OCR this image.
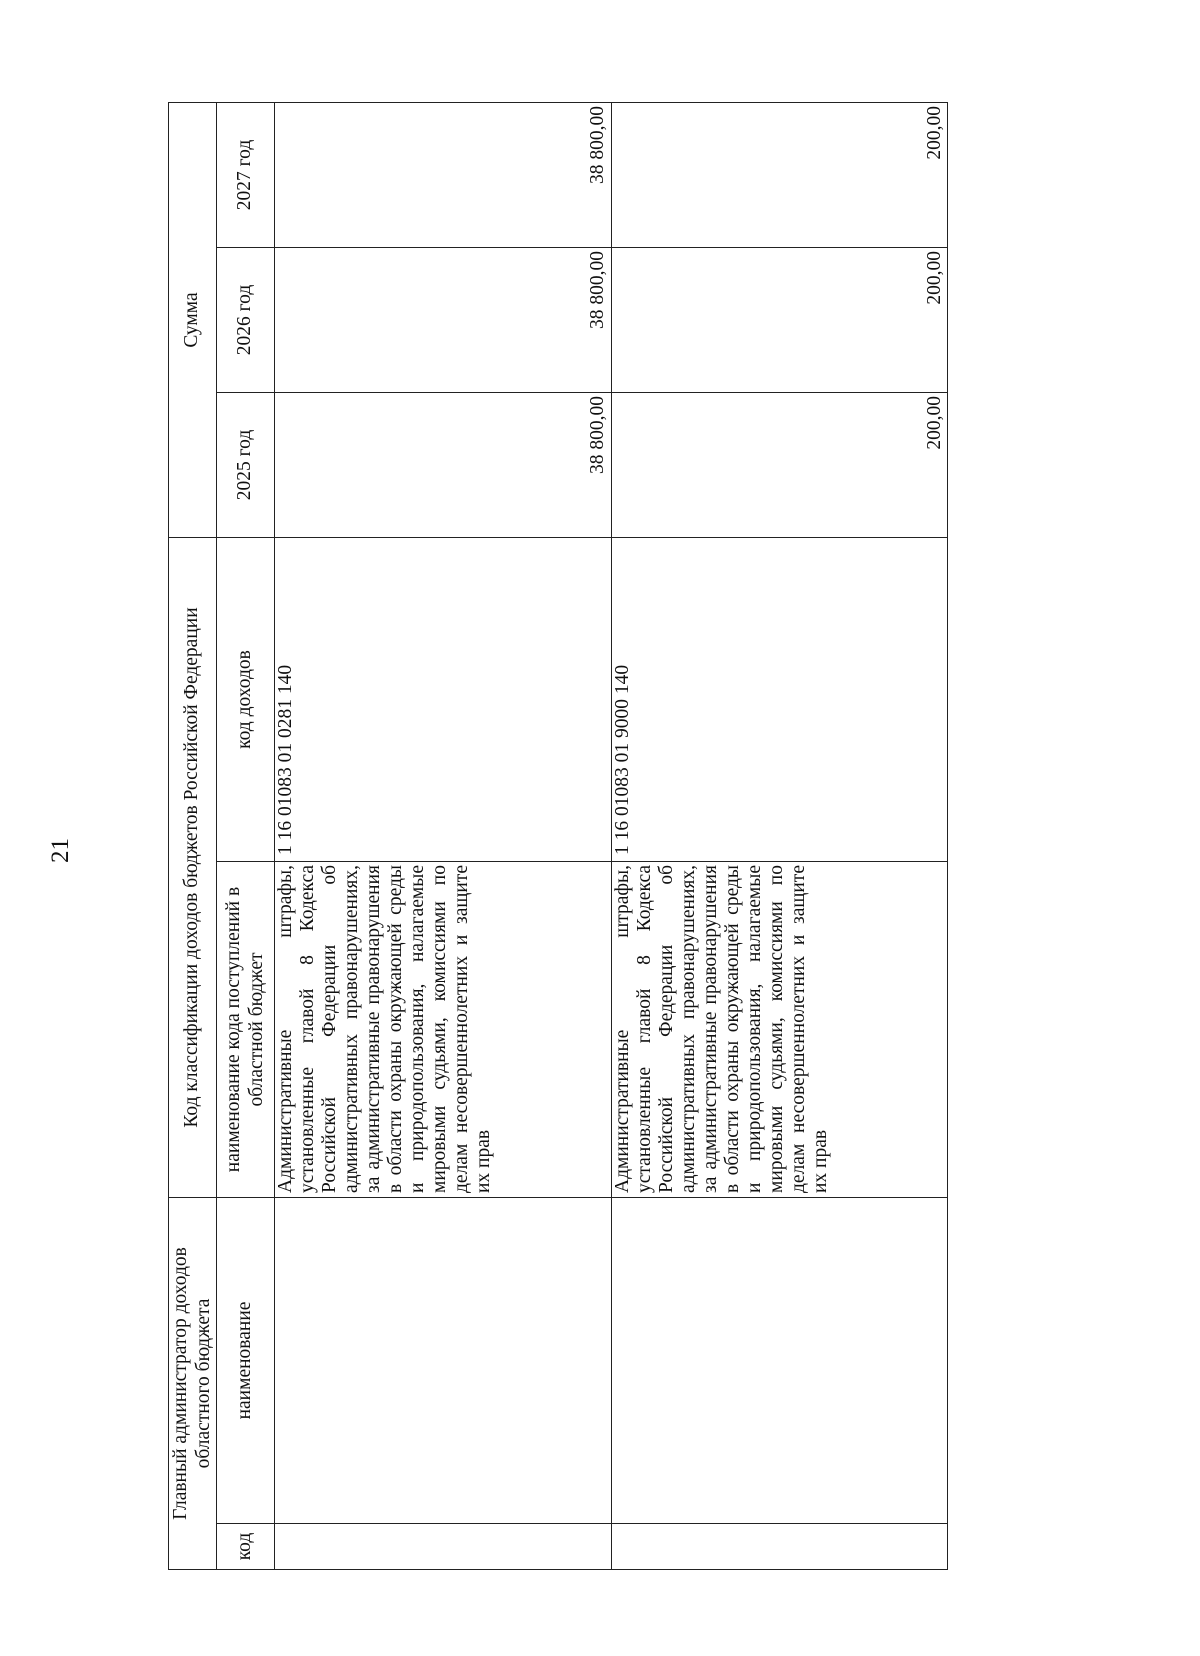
21
Главный администратор доходов областного бюджета		Код классификации доходов бюджетов Российской Федерации		Сумма		
код	наименование	наименование кода поступлений в областной бюджет	код доходов	2025 год	2026 год	2027 год
		Административные штрафы, установленные главой 8 Кодекса Российской Федерации об административных правонарушениях, за административные правонарушения в области охраны окружающей среды и природопользования, налагаемые мировыми судьями, комиссиями по делам несовершеннолетних и защите их прав	1 16 01083 01 0281 140	38 800,00	38 800,00	38 800,00
		Административные штрафы, установленные главой 8 Кодекса Российской Федерации об административных правонарушениях, за административные правонарушения в области охраны окружающей среды и природопользования, налагаемые мировыми судьями, комиссиями по делам несовершеннолетних и защите их прав	1 16 01083 01 9000 140	200,00	200,00	200,00
